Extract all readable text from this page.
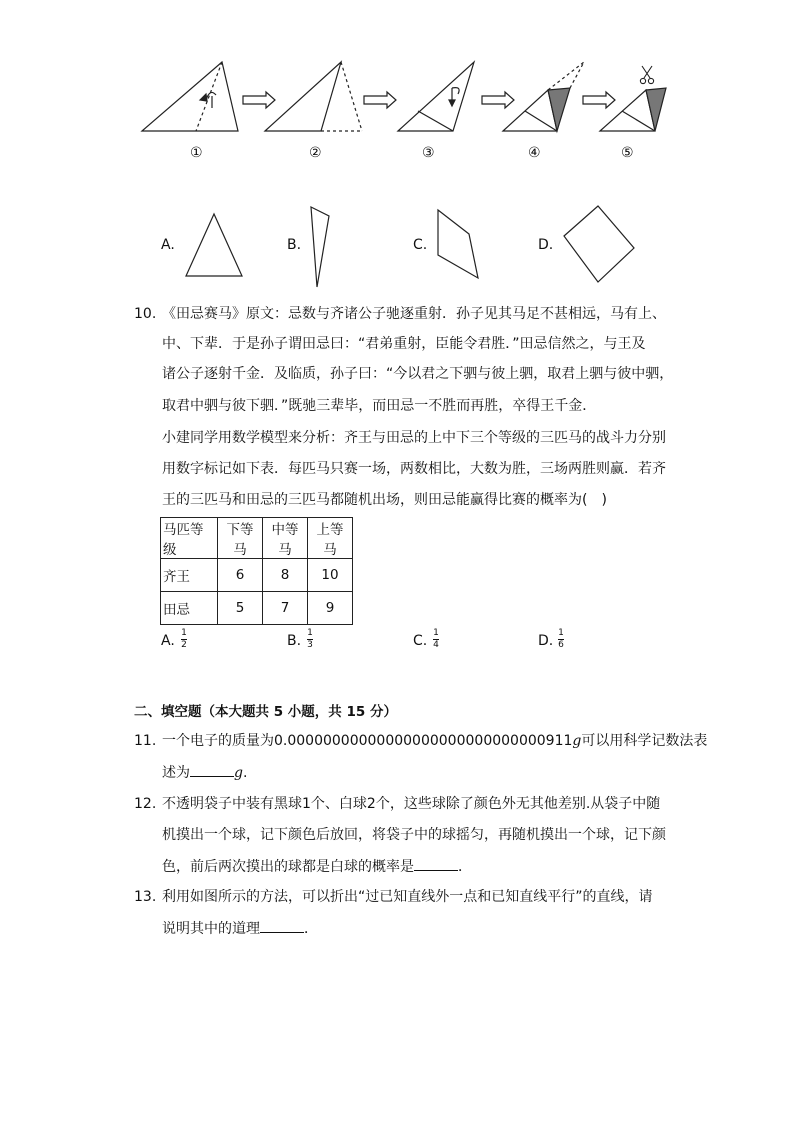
①	②	③	④	⑤
A.	B.	C.	D.
10. 《田忌赛马》原文：忌数与齐诸公子驰逐重射．孙子见其马足不甚相远，马有上、
中、下辈．于是孙子谓田忌曰：“君弟重射，臣能令君胜．”田忌信然之，与王及
诸公子逐射千金．及临质，孙子曰：“今以君之下驷与彼上驷，取君上驷与彼中驷，
取君中驷与彼下驷．”既驰三辈毕，而田忌一不胜而再胜，卒得王千金．
小建同学用数学模型来分析：齐王与田忌的上中下三个等级的三匹马的战斗力分别
用数字标记如下表．每匹马只赛一场，两数相比，大数为胜，三场两胜则赢．若齐
王的三匹马和田忌的三匹马都随机出场，则田忌能赢得比赛的概率为(　)
马匹等级	下等马	中等马	上等马
齐王	6	8	10
田忌	5	7	9
A. 1
2	B. 1
3	C. 1
4	D. 1
6
二、填空题（本大题共 5 小题，共 15 分）
11. 一个电子的质量为0.00000000000000000000000000000911g可以用科学记数法表
述为	g.
12. 不透明袋子中装有黑球1个、白球2个，这些球除了颜色外无其他差别.从袋子中随
机摸出一个球，记下颜色后放回，将袋子中的球摇匀，再随机摸出一个球，记下颜
色，前后两次摸出的球都是白球的概率是	．
13. 利用如图所示的方法，可以折出“过已知直线外一点和已知直线平行”的直线，请
说明其中的道理	．
